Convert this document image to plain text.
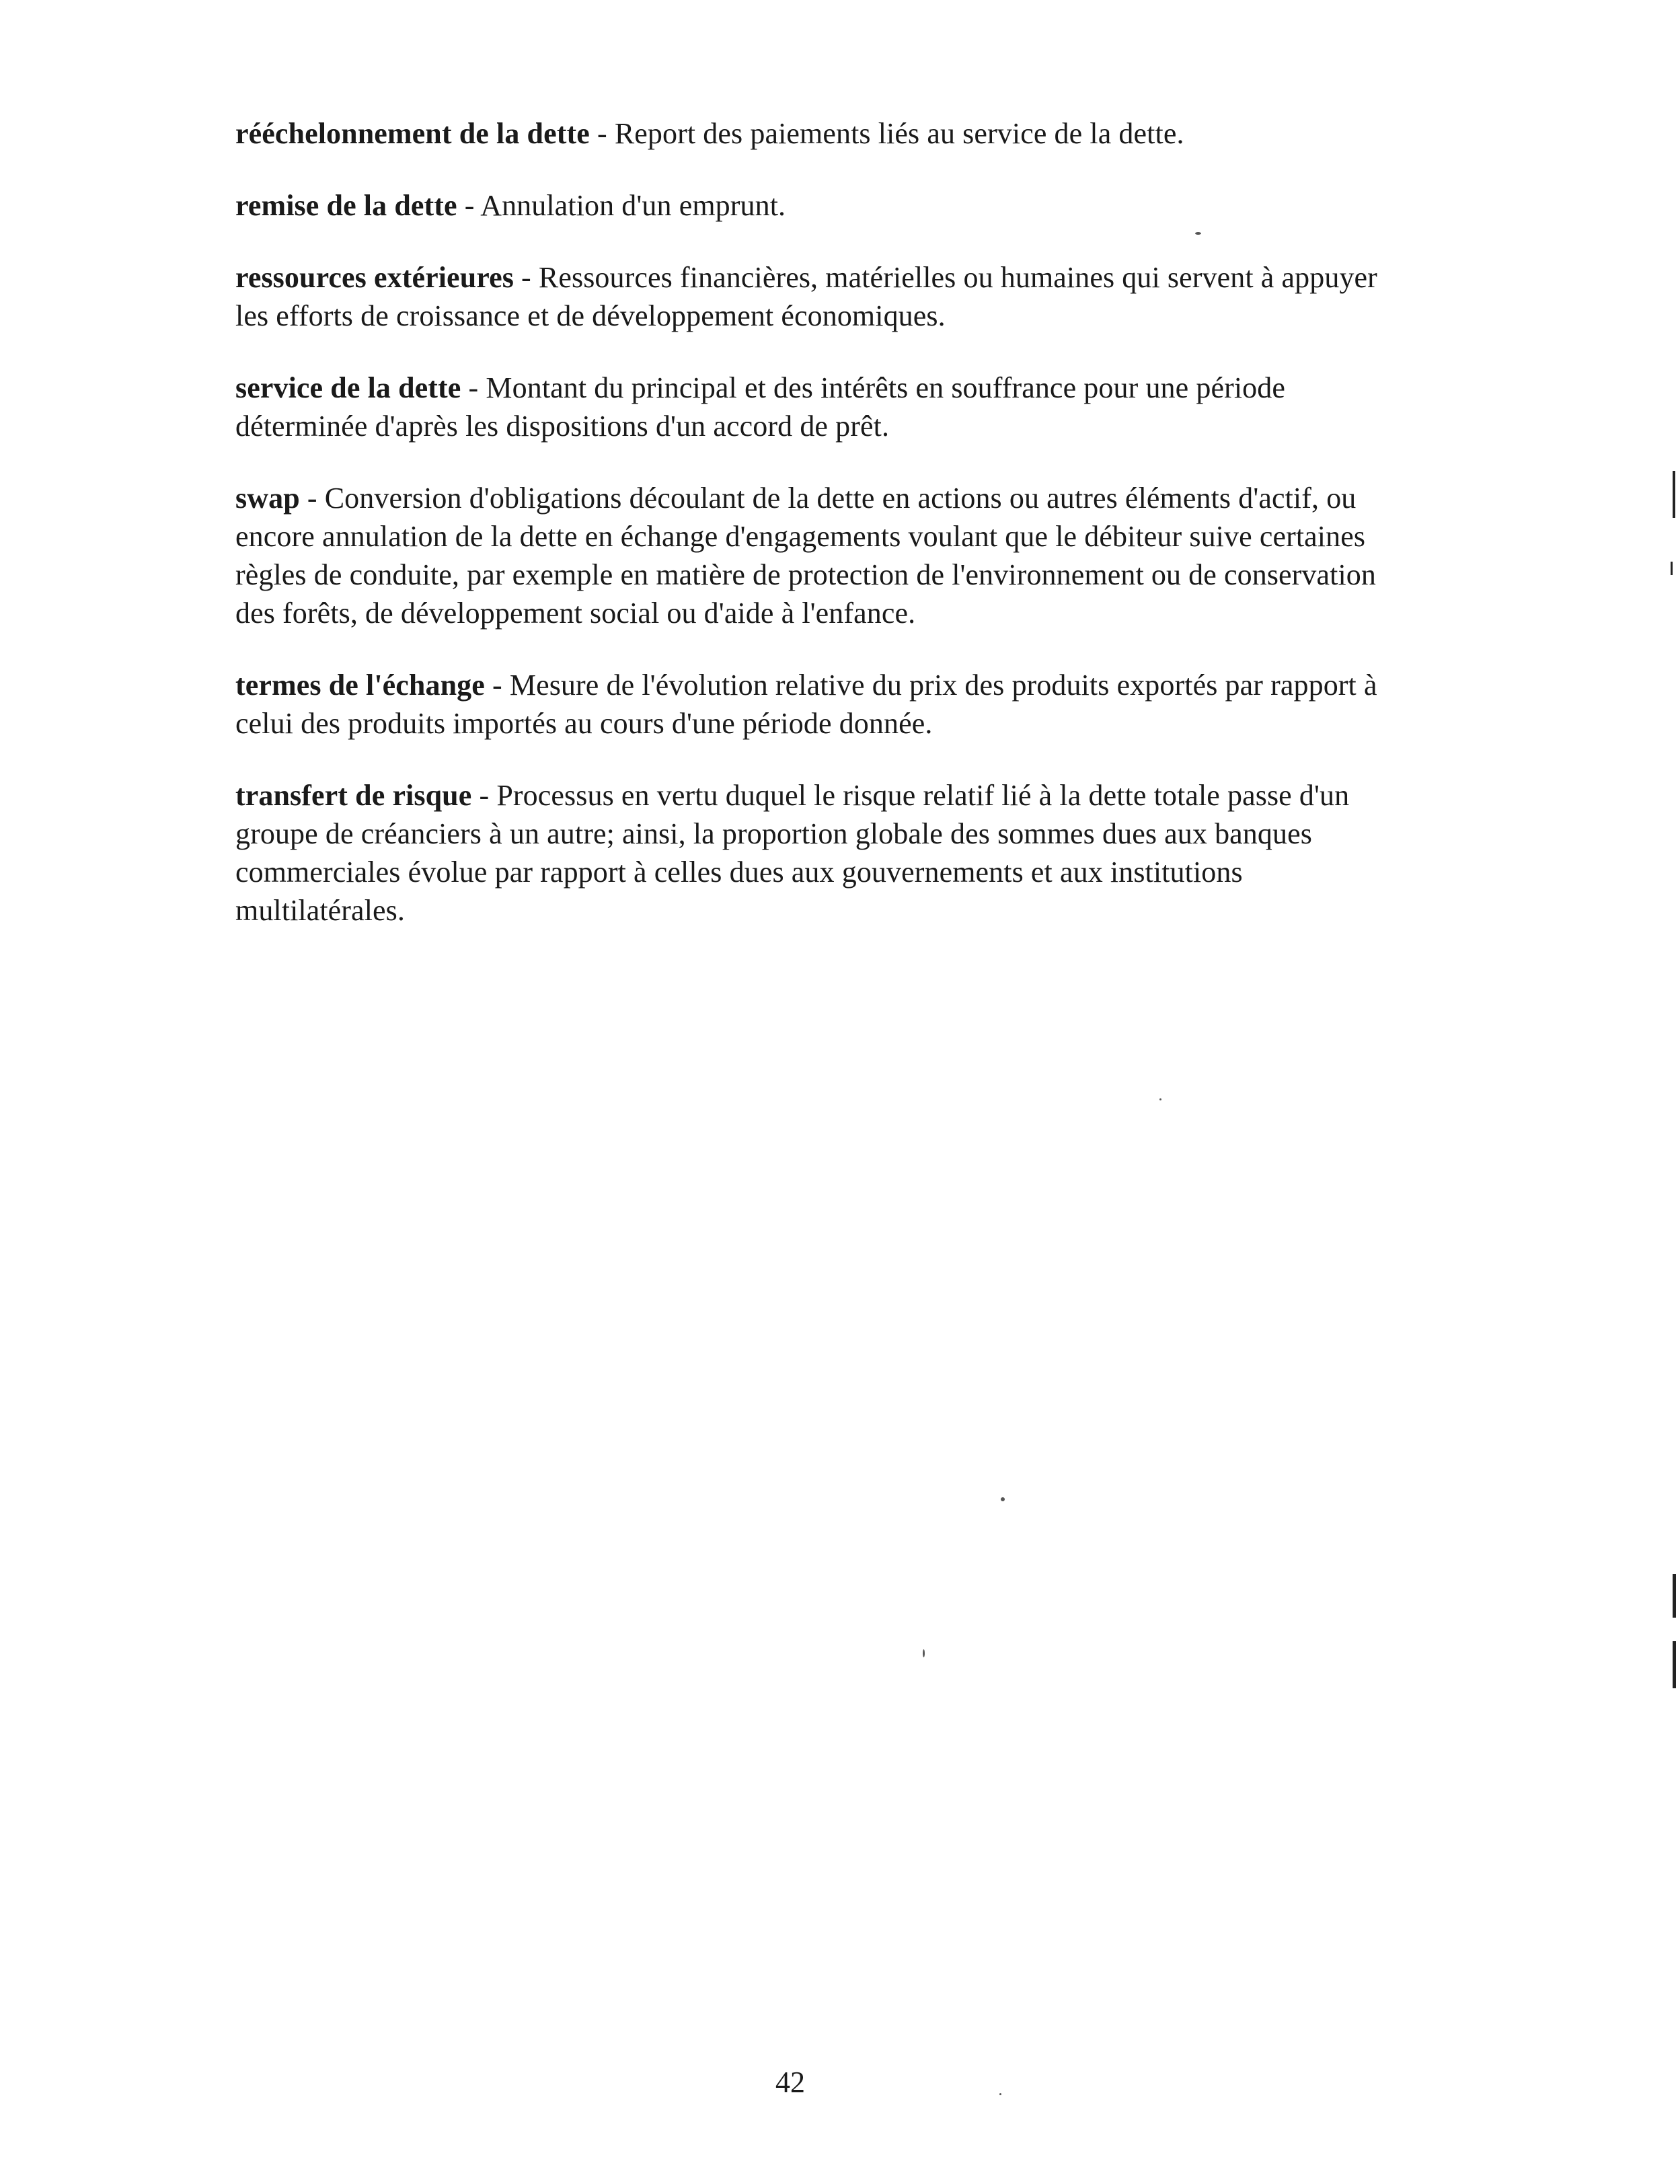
rééchelonnement de la dette - Report des paiements liés au service de la dette.

remise de la dette - Annulation d'un emprunt.

ressources extérieures - Ressources financières, matérielles ou humaines qui servent à appuyer les efforts de croissance et de développement économiques.

service de la dette - Montant du principal et des intérêts en souffrance pour une période déterminée d'après les dispositions d'un accord de prêt.

swap - Conversion d'obligations découlant de la dette en actions ou autres éléments d'actif, ou encore annulation de la dette en échange d'engagements voulant que le débiteur suive certaines règles de conduite, par exemple en matière de protection de l'environnement ou de conservation des forêts, de développement social ou d'aide à l'enfance.

termes de l'échange - Mesure de l'évolution relative du prix des produits exportés par rapport à celui des produits importés au cours d'une période donnée.

transfert de risque - Processus en vertu duquel le risque relatif lié à la dette totale passe d'un groupe de créanciers à un autre; ainsi, la proportion globale des sommes dues aux banques commerciales évolue par rapport à celles dues aux gouvernements et aux institutions multilatérales.

42
